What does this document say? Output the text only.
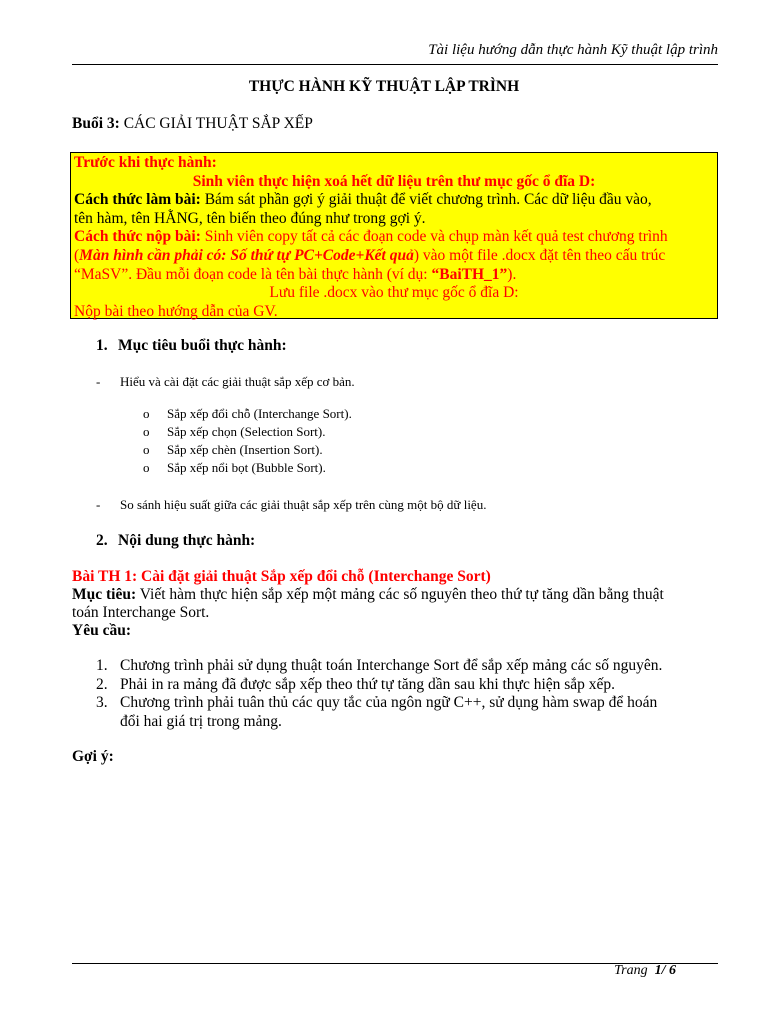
Tài liệu hướng dẫn thực hành Kỹ thuật lập trình
THỰC HÀNH KỸ THUẬT LẬP TRÌNH
Buổi 3: CÁC GIẢI THUẬT SẮP XẾP
Trước khi thực hành:
Sinh viên thực hiện xoá hết dữ liệu trên thư mục gốc ổ đĩa D:
Cách thức làm bài: Bám sát phần gợi ý giải thuật để viết chương trình. Các dữ liệu đầu vào,
tên hàm, tên HẰNG, tên biến theo đúng như trong gợi ý.
Cách thức nộp bài: Sinh viên copy tất cả các đoạn code và chụp màn kết quả test chương trình
(Màn hình cần phải có: Số thứ tự PC+Code+Kết quả) vào một file .docx đặt tên theo cấu trúc
“MaSV”. Đầu mỗi đoạn code là tên bài thực hành (ví dụ: “BaiTH_1”).
Lưu file .docx vào thư mục gốc ổ đĩa D:
Nộp bài theo hướng dẫn của GV.
1. Mục tiêu buổi thực hành:
- Hiểu và cài đặt các giải thuật sắp xếp cơ bản.
o Sắp xếp đổi chỗ (Interchange Sort).
o Sắp xếp chọn (Selection Sort).
o Sắp xếp chèn (Insertion Sort).
o Sắp xếp nổi bọt (Bubble Sort).
- So sánh hiệu suất giữa các giải thuật sắp xếp trên cùng một bộ dữ liệu.
2. Nội dung thực hành:
Bài TH 1: Cài đặt giải thuật Sắp xếp đổi chỗ (Interchange Sort)
Mục tiêu: Viết hàm thực hiện sắp xếp một mảng các số nguyên theo thứ tự tăng dần bằng thuật
toán Interchange Sort.
Yêu cầu:
1. Chương trình phải sử dụng thuật toán Interchange Sort để sắp xếp mảng các số nguyên.
2. Phải in ra mảng đã được sắp xếp theo thứ tự tăng dần sau khi thực hiện sắp xếp.
3. Chương trình phải tuân thủ các quy tắc của ngôn ngữ C++, sử dụng hàm swap để hoán
đổi hai giá trị trong mảng.
Gợi ý:
Trang 1/ 6
